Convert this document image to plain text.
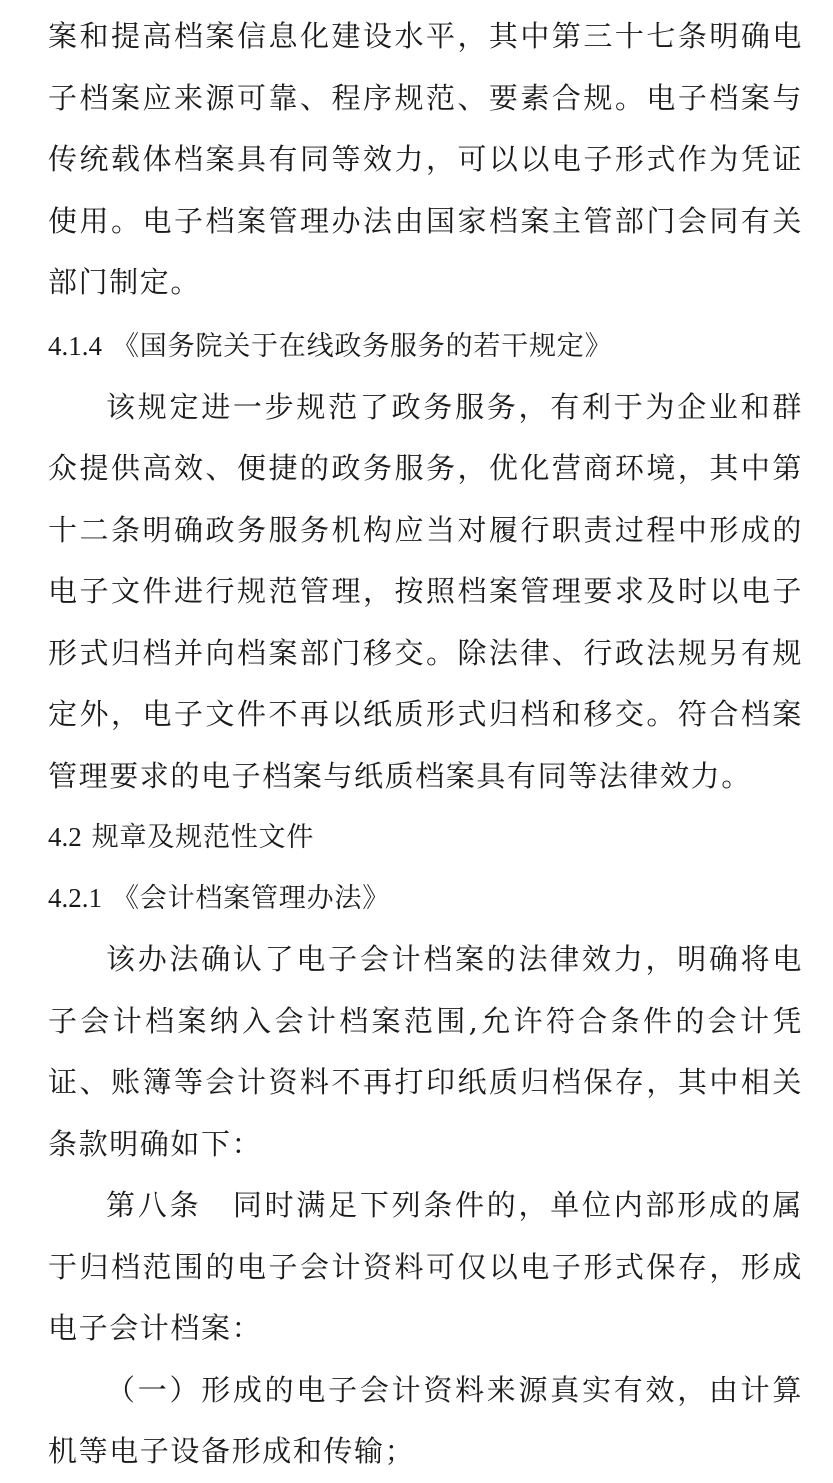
案和提高档案信息化建设水平，其中第三十七条明确电子档案应来源可靠、程序规范、要素合规。电子档案与传统载体档案具有同等效力，可以以电子形式作为凭证使用。电子档案管理办法由国家档案主管部门会同有关部门制定。

4.1.4 《国务院关于在线政务服务的若干规定》

该规定进一步规范了政务服务，有利于为企业和群众提供高效、便捷的政务服务，优化营商环境，其中第十二条明确政务服务机构应当对履行职责过程中形成的电子文件进行规范管理，按照档案管理要求及时以电子形式归档并向档案部门移交。除法律、行政法规另有规定外，电子文件不再以纸质形式归档和移交。符合档案管理要求的电子档案与纸质档案具有同等法律效力。

4.2 规章及规范性文件
4.2.1 《会计档案管理办法》

该办法确认了电子会计档案的法律效力，明确将电子会计档案纳入会计档案范围,允许符合条件的会计凭证、账簿等会计资料不再打印纸质归档保存，其中相关条款明确如下：

第八条　同时满足下列条件的，单位内部形成的属于归档范围的电子会计资料可仅以电子形式保存，形成电子会计档案：

（一）形成的电子会计资料来源真实有效，由计算机等电子设备形成和传输；
